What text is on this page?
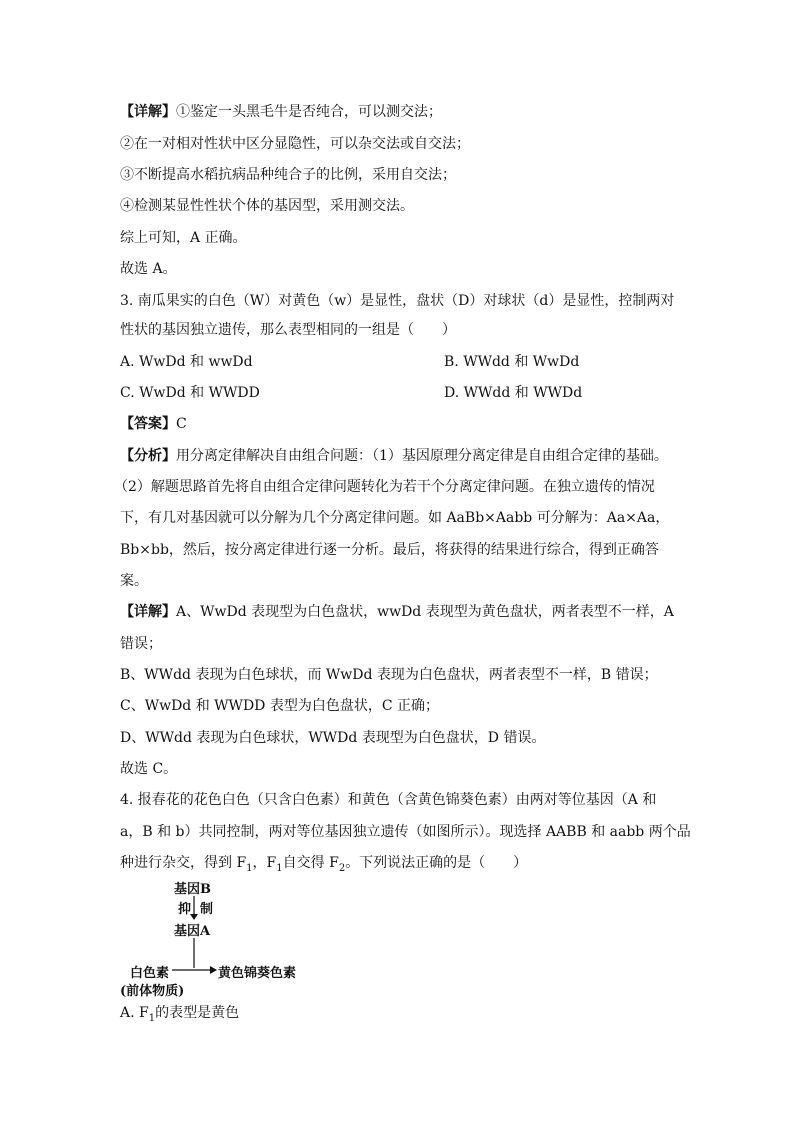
【详解】①鉴定一头黑毛牛是否纯合，可以测交法；
②在一对相对性状中区分显隐性，可以杂交法或自交法；
③不断提高水稻抗病品种纯合子的比例，采用自交法；
④检测某显性性状个体的基因型，采用测交法。
综上可知，A 正确。
故选 A。
3. 南瓜果实的白色（W）对黄色（w）是显性，盘状（D）对球状（d）是显性，控制两对
性状的基因独立遗传，那么表型相同的一组是（　　）
A. WwDd 和 wwDd	B. WWdd 和 WwDd
C. WwDd 和 WWDD	D. WWdd 和 WWDd
【答案】C
【分析】用分离定律解决自由组合问题：（1）基因原理分离定律是自由组合定律的基础。
（2）解题思路首先将自由组合定律问题转化为若干个分离定律问题。在独立遗传的情况
下，有几对基因就可以分解为几个分离定律问题。如 AaBb×Aabb 可分解为：Aa×Aa，
Bb×bb，然后，按分离定律进行逐一分析。最后，将获得的结果进行综合，得到正确答
案。
【详解】A、WwDd 表现型为白色盘状，wwDd 表现型为黄色盘状，两者表型不一样，A
错误；
B、WWdd 表现为白色球状，而 WwDd 表现为白色盘状，两者表型不一样，B 错误；
C、WwDd 和 WWDD 表型为白色盘状，C 正确；
D、WWdd 表现为白色球状，WWDd 表现型为白色盘状，D 错误。
故选 C。
4. 报春花的花色白色（只含白色素）和黄色（含黄色锦葵色素）由两对等位基因（A 和
a，B 和 b）共同控制，两对等位基因独立遗传（如图所示）。现选择 AABB 和 aabb 两个品
种进行杂交，得到 $F_1$，$F_1$自交得 $F_2$。下列说法正确的是（　　）
基因B
抑 制
基因A
白色素	黄色锦葵色素
(前体物质)
A. $F_1$的表型是黄色
